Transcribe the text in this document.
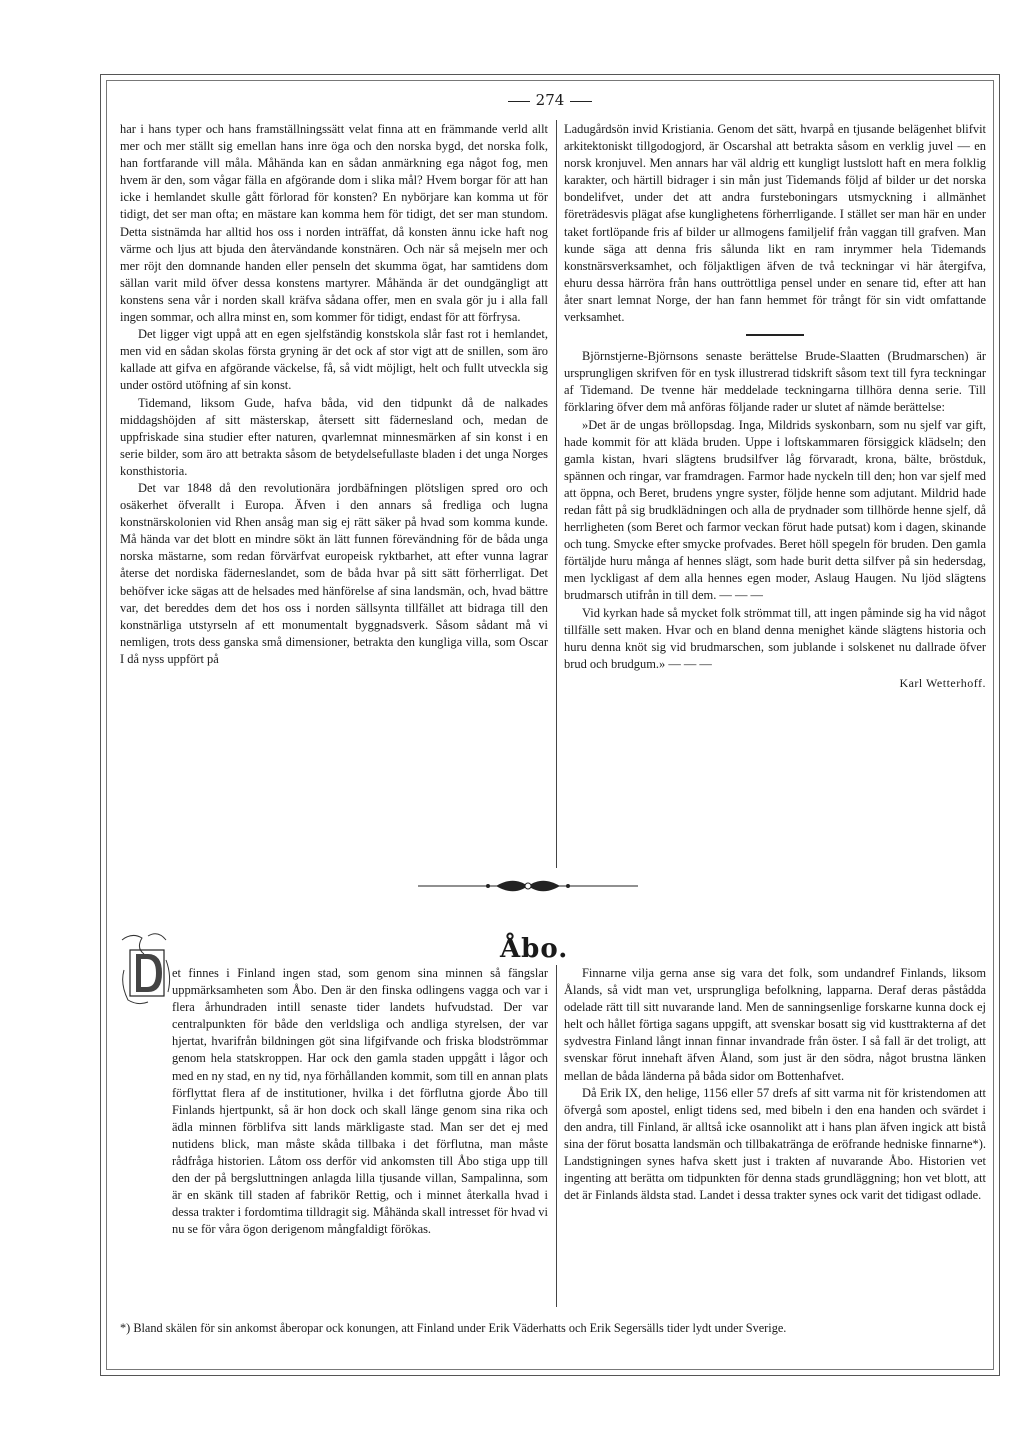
274

har i hans typer och hans framställningssätt velat finna att en främmande verld allt mer och mer ställt sig emellan hans inre öga och den norska bygd, det norska folk, han fortfarande vill måla. Måhända kan en sådan anmärkning ega något fog, men hvem är den, som vågar fälla en afgörande dom i slika mål? Hvem borgar för att han icke i hemlandet skulle gått förlorad för konsten? En nybörjare kan komma ut för tidigt, det ser man ofta; en mästare kan komma hem för tidigt, det ser man stundom. Detta sistnämda har alltid hos oss i norden inträffat, då konsten ännu icke haft nog värme och ljus att bjuda den återvändande konstnären. Och när så mejseln mer och mer röjt den domnande handen eller penseln det skumma ögat, har samtidens dom sällan varit mild öfver dessa konstens martyrer. Måhända är det oundgängligt att konstens sena vår i norden skall kräfva sådana offer, men en svala gör ju i alla fall ingen sommar, och allra minst en, som kommer för tidigt, endast för att förfrysa.

Det ligger vigt uppå att en egen sjelfständig konstskola slår fast rot i hemlandet, men vid en sådan skolas första gryning är det ock af stor vigt att de snillen, som äro kallade att gifva en afgörande väckelse, få, så vidt möjligt, helt och fullt utveckla sig under ostörd utöfning af sin konst.

Tidemand, liksom Gude, hafva båda, vid den tidpunkt då de nalkades middagshöjden af sitt mästerskap, återsett sitt fädernesland och, medan de uppfriskade sina studier efter naturen, qvarlemnat minnesmärken af sin konst i en serie bilder, som äro att betrakta såsom de betydelsefullaste bladen i det unga Norges konsthistoria.

Det var 1848 då den revolutionära jordbäfningen plötsligen spred oro och osäkerhet öfverallt i Europa. Äfven i den annars så fredliga och lugna konstnärskolonien vid Rhen ansåg man sig ej rätt säker på hvad som komma kunde. Må hända var det blott en mindre sökt än lätt funnen förevändning för de båda unga norska mästarne, som redan förvärfvat europeisk ryktbarhet, att efter vunna lagrar återse det nordiska fäderneslandet, som de båda hvar på sitt sätt förherrligat. Det behöfver icke sägas att de helsades med hänförelse af sina landsmän, och, hvad bättre var, det bereddes dem det hos oss i norden sällsynta tillfället att bidraga till den konstnärliga utstyrseln af ett monumentalt byggnadsverk. Såsom sådant må vi nemligen, trots dess ganska små dimensioner, betrakta den kungliga villa, som Oscar I då nyss uppfört på

Ladugårdsön invid Kristiania. Genom det sätt, hvarpå en tjusande belägenhet blifvit arkitektoniskt tillgodogjord, är Oscarshal att betrakta såsom en verklig juvel — en norsk kronjuvel. Men annars har väl aldrig ett kungligt lustslott haft en mera folklig karakter, och härtill bidrager i sin mån just Tidemands följd af bilder ur det norska bondelifvet, under det att andra fursteboningars utsmyckning i allmänhet företrädesvis plägat afse kunglighetens förherrligande. I stället ser man här en under taket fortlöpande fris af bilder ur allmogens familjelif från vaggan till grafven. Man kunde säga att denna fris sålunda likt en ram inrymmer hela Tidemands konstnärsverksamhet, och följaktligen äfven de två teckningar vi här återgifva, ehuru dessa härröra från hans outtröttliga pensel under en senare tid, efter att han åter snart lemnat Norge, der han fann hemmet för trångt för sin vidt omfattande verksamhet.

Björnstjerne-Björnsons senaste berättelse Brude-Slaatten (Brudmarschen) är ursprungligen skrifven för en tysk illustrerad tidskrift såsom text till fyra teckningar af Tidemand. De tvenne här meddelade teckningarna tillhöra denna serie. Till förklaring öfver dem må anföras följande rader ur slutet af nämde berättelse:

»Det är de ungas bröllopsdag. Inga, Mildrids syskonbarn, som nu sjelf var gift, hade kommit för att kläda bruden. Uppe i loftskammaren försiggick klädseln; den gamla kistan, hvari slägtens brudsilfver låg förvaradt, krona, bälte, bröstduk, spännen och ringar, var framdragen. Farmor hade nyckeln till den; hon var sjelf med att öppna, och Beret, brudens yngre syster, följde henne som adjutant. Mildrid hade redan fått på sig brudklädningen och alla de prydnader som tillhörde henne sjelf, då herrligheten (som Beret och farmor veckan förut hade putsat) kom i dagen, skinande och tung. Smycke efter smycke profvades. Beret höll spegeln för bruden. Den gamla förtäljde huru många af hennes slägt, som hade burit detta silfver på sin hedersdag, men lyckligast af dem alla hennes egen moder, Aslaug Haugen. Nu ljöd slägtens brudmarsch utifrån in till dem. — — —

Vid kyrkan hade så mycket folk strömmat till, att ingen påminde sig ha vid något tillfälle sett maken. Hvar och en bland denna menighet kände slägtens historia och huru denna knöt sig vid brudmarschen, som jublande i solskenet nu dallrade öfver brud och brudgum.» — — —

Karl Wetterhoff.
Åbo.

et finnes i Finland ingen stad, som genom sina minnen så fängslar uppmärksamheten som Åbo. Den är den finska odlingens vagga och var i flera århundraden intill senaste tider landets hufvudstad. Der var centralpunkten för både den verldsliga och andliga styrelsen, der var hjertat, hvarifrån bildningen göt sina lifgifvande och friska blodströmmar genom hela statskroppen. Har ock den gamla staden uppgått i lågor och med en ny stad, en ny tid, nya förhållanden kommit, som till en annan plats förflyttat flera af de institutioner, hvilka i det förflutna gjorde Åbo till Finlands hjertpunkt, så är hon dock och skall länge genom sina rika och ädla minnen förblifva sitt lands märkligaste stad. Man ser det ej med nutidens blick, man måste skåda tillbaka i det förflutna, man måste rådfråga historien. Låtom oss derför vid ankomsten till Åbo stiga upp till den der på bergsluttningen anlagda lilla tjusande villan, Sampalinna, som är en skänk till staden af fabrikör Rettig, och i minnet återkalla hvad i dessa trakter i fordomtima tilldragit sig. Måhända skall intresset för hvad vi nu se för våra ögon derigenom mångfaldigt förökas.

Finnarne vilja gerna anse sig vara det folk, som undandref Finlands, liksom Ålands, så vidt man vet, ursprungliga befolkning, lapparna. Deraf deras påstådda odelade rätt till sitt nuvarande land. Men de sanningsenlige forskarne kunna dock ej helt och hållet förtiga sagans uppgift, att svenskar bosatt sig vid kusttrakterna af det sydvestra Finland långt innan finnar invandrade från öster. I så fall är det troligt, att svenskar förut innehaft äfven Åland, som just är den södra, något brustna länken mellan de båda länderna på båda sidor om Bottenhafvet.

Då Erik IX, den helige, 1156 eller 57 drefs af sitt varma nit för kristendomen att öfvergå som apostel, enligt tidens sed, med bibeln i den ena handen och svärdet i den andra, till Finland, är alltså icke osannolikt att i hans plan äfven ingick att bistå sina der förut bosatta landsmän och tillbakatränga de eröfrande hedniske finnarne*). Landstigningen synes hafva skett just i trakten af nuvarande Åbo. Historien vet ingenting att berätta om tidpunkten för denna stads grundläggning; hon vet blott, att det är Finlands äldsta stad. Landet i dessa trakter synes ock varit det tidigast odlade.

*) Bland skälen för sin ankomst åberopar ock konungen, att Finland under Erik Väderhatts och Erik Segersälls tider lydt under Sverige.
